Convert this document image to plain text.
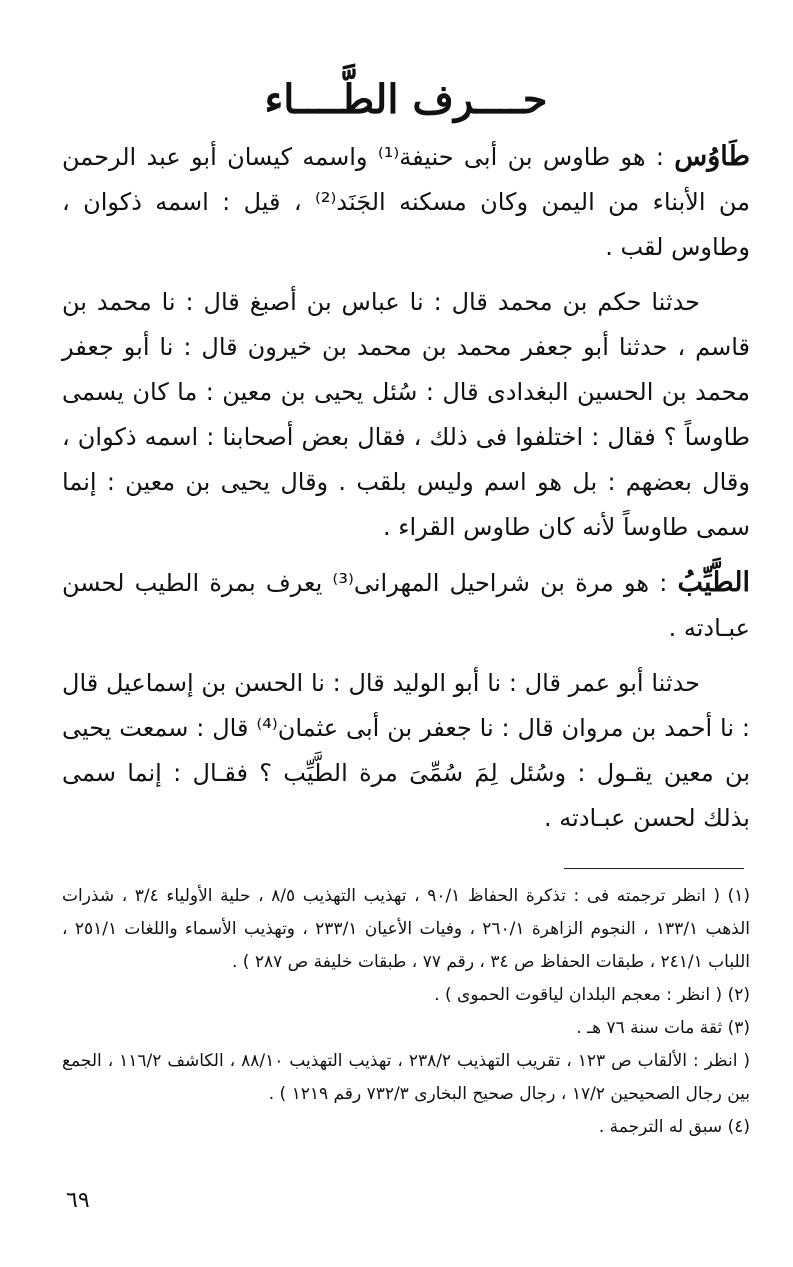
حــــرف الطَّــــاء

طَاوُس : هو طاوس بن أبى حنيفة⁽¹⁾ واسمه كيسان أبو عبد الرحمن من الأبناء من اليمن وكان مسكنه الجَنَد⁽²⁾ ، قيل : اسمه ذكوان ، وطاوس لقب .

حدثنا حكم بن محمد قال : نا عباس بن أصبغ قال : نا محمد بن قاسم ، حدثنا أبو جعفر محمد بن محمد بن خيرون قال : نا أبو جعفر محمد بن الحسين البغدادى قال : سُئل يحيى بن معين : ما كان يسمى طاوساً ؟ فقال : اختلفوا فى ذلك ، فقال بعض أصحابنا : اسمه ذكوان ، وقال بعضهم : بل هو اسم وليس بلقب . وقال يحيى بن معين : إنما سمى طاوساً لأنه كان طاوس القراء .

الطَّيِّبُ : هو مرة بن شراحيل المهرانى⁽³⁾ يعرف بمرة الطيب لحسن عبـادته .

حدثنا أبو عمر قال : نا أبو الوليد قال : نا الحسن بن إسماعيل قال : نا أحمد بن مروان قال : نا جعفر بن أبى عثمان⁽⁴⁾ قال : سمعت يحيى بن معين يقـول : وسُئل لِمَ سُمِّىَ مرة الطَّيِّب ؟ فقـال : إنما سمى بذلك لحسن عبـادته .

(١) ( انظر ترجمته فى : تذكرة الحفاظ ٩٠/١ ، تهذيب التهذيب ٨/٥ ، حلية الأولياء ٣/٤ ، شذرات الذهب ١٣٣/١ ، النجوم الزاهرة ٢٦٠/١ ، وفيات الأعيان ٢٣٣/١ ، وتهذيب الأسماء واللغات ٢٥١/١ ، اللباب ٢٤١/١ ، طبقات الحفاظ ص ٣٤ ، رقم ٧٧ ، طبقات خليفة ص ٢٨٧ ) .

(٢) ( انظر : معجم البلدان لياقوت الحموى ) .

(٣) ثقة مات سنة ٧٦ هـ .

( انظر : الألقاب ص ١٢٣ ، تقريب التهذيب ٢٣٨/٢ ، تهذيب التهذيب ٨٨/١٠ ، الكاشف ١١٦/٢ ، الجمع بين رجال الصحيحين ١٧/٢ ، رجال صحيح البخارى ٧٣٢/٣ رقم ١٢١٩ ) .

(٤) سبق له الترجمة .

٦٩
